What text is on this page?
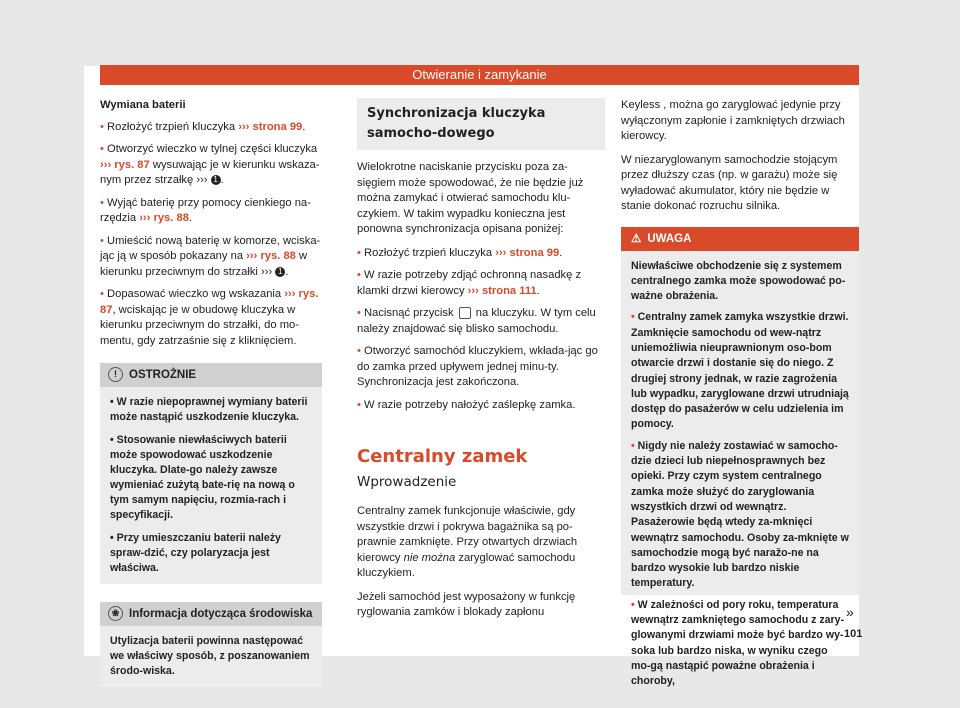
Otwieranie i zamykanie
Wymiana baterii
• Rozłożyć trzpień kluczyka ››› strona 99.
• Otworzyć wieczko w tylnej części kluczyka ››› rys. 87 wysuwając je w kierunku wskaza-nym przez strzałkę ››› 1 .
• Wyjąć baterię przy pomocy cienkiego na-rzędzia ››› rys. 88.
• Umieścić nową baterię w komorze, wciska-jąc ją w sposób pokazany na ››› rys. 88 w kierunku przeciwnym do strzałki ››› 1 .
• Dopasować wieczko wg wskazania ››› rys. 87, wciskając je w obudowę kluczyka w kierunku przeciwnym do strzałki, do mo-mentu, gdy zatrzaśnie się z kliknięciem.
! OSTROŻNIE

• W razie niepoprawnej wymiany baterii może nastąpić uszkodzenie kluczyka.

• Stosowanie niewłaściwych baterii może spowodować uszkodzenie kluczyka. Dlate-go należy zawsze wymieniać zużytą bate-rię na nową o tym samym napięciu, rozmia-rach i specyfikacji.

• Przy umieszczaniu baterii należy spraw-dzić, czy polaryzacja jest właściwa.

❀ Informacja dotycząca środowiska
Utylizacja baterii powinna następować we właściwy sposób, z poszanowaniem środo-wiska.
Synchronizacja kluczyka samocho-dowego

Wielokrotne naciskanie przycisku poza za-sięgiem może spowodować, że nie będzie już można zamykać i otwierać samochodu klu-czykiem. W takim wypadku konieczna jest ponowna synchronizacja opisana poniżej:

• Rozłożyć trzpień kluczyka ››› strona 99.
• W razie potrzeby zdjąć ochronną nasadkę z klamki drzwi kierowcy ››› strona 111.
• Nacisnąć przycisk  na kluczyku. W tym celu należy znajdować się blisko samochodu.
• Otworzyć samochód kluczykiem, wkłada-jąc go do zamka przed upływem jednej minu-ty. Synchronizacja jest zakończona.
• W razie potrzeby nałożyć zaślepkę zamka.
Centralny zamek
Wprowadzenie

Centralny zamek funkcjonuje właściwie, gdy wszystkie drzwi i pokrywa bagażnika są po-prawnie zamknięte. Przy otwartych drzwiach kierowcy nie można zaryglować samochodu kluczykiem.

Jeżeli samochód jest wyposażony w funkcję ryglowania zamków i blokady zapłonu

Keyless , można go zaryglować jedynie przy wyłączonym zapłonie i zamkniętych drzwiach kierowcy.

W niezaryglowanym samochodzie stojącym przez dłuższy czas (np. w garażu) może się wyładować akumulator, który nie będzie w stanie dokonać rozruchu silnika.

⚠ UWAGA

Niewłaściwe obchodzenie się z systemem centralnego zamka może spowodować po-ważne obrażenia.

• Centralny zamek zamyka wszystkie drzwi. Zamknięcie samochodu od wew-nątrz uniemożliwia nieuprawnionym oso-bom otwarcie drzwi i dostanie się do niego. Z drugiej strony jednak, w razie zagrożenia lub wypadku, zaryglowane drzwi utrudniają dostęp do pasażerów w celu udzielenia im pomocy.

• Nigdy nie należy zostawiać w samocho-dzie dzieci lub niepełnosprawnych bez opieki. Przy czym system centralnego zamka może służyć do zaryglowania wszystkich drzwi od wewnątrz. Pasażerowie będą wtedy za-mknięci wewnątrz samochodu. Osoby za-mknięte w samochodzie mogą być naražo-ne na bardzo wysokie lub bardzo niskie temperatury.

• W zależności od pory roku, temperatura wewnątrz zamkniętego samochodu z zary-glowanymi drzwiami może być bardzo wy-soka lub bardzo niska, w wyniku czego mo-gą nastąpić poważne obrażenia i choroby,

»
101
